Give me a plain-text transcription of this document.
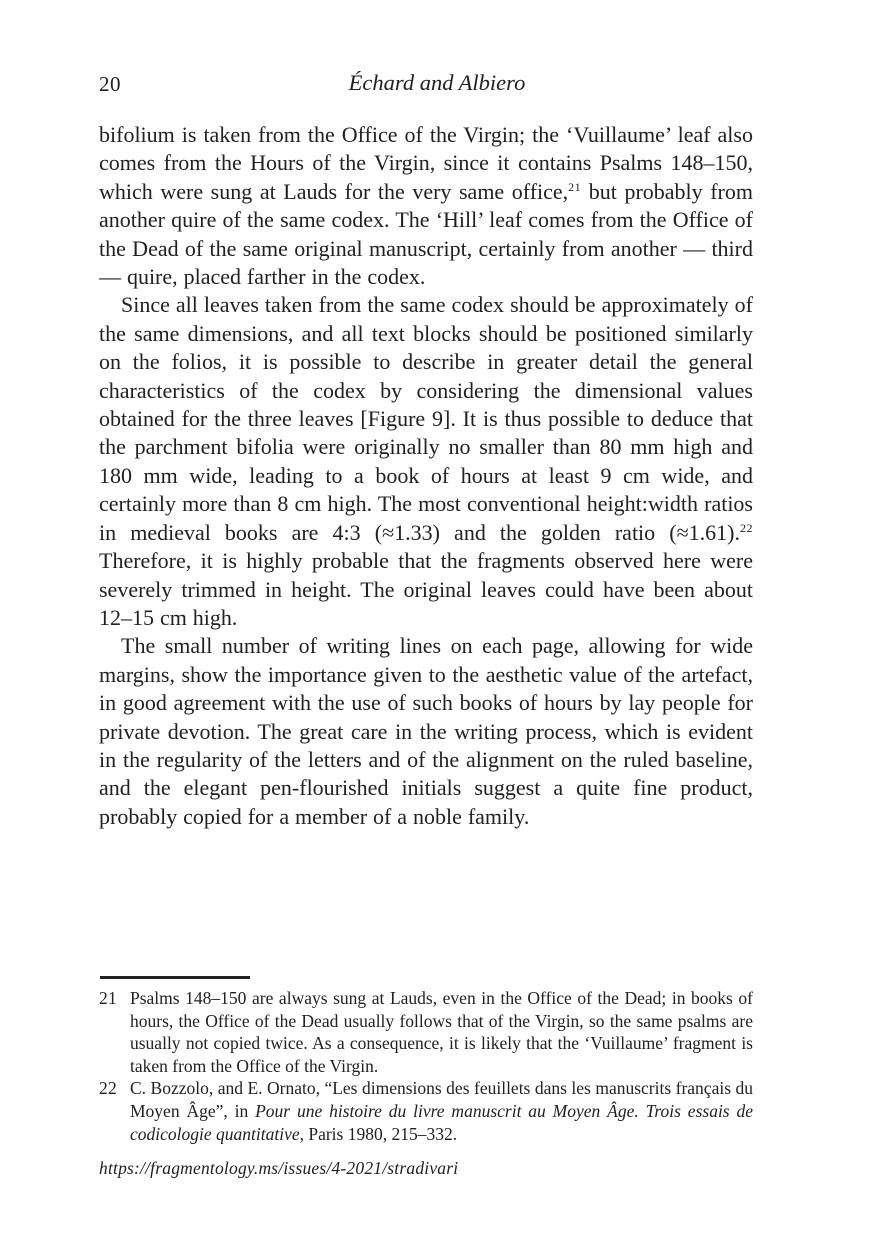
20	Échard and Albiero

bifolium is taken from the Office of the Virgin; the ‘Vuillaume’ leaf also comes from the Hours of the Virgin, since it contains Psalms 148–150, which were sung at Lauds for the very same office,$^{21}$ but probably from another quire of the same codex. The ‘Hill’ leaf comes from the Office of the Dead of the same original manuscript, certainly from another — third — quire, placed farther in the codex.

Since all leaves taken from the same codex should be approximately of the same dimensions, and all text blocks should be positioned similarly on the folios, it is possible to describe in greater detail the general characteristics of the codex by considering the dimensional values obtained for the three leaves [Figure 9]. It is thus possible to deduce that the parchment bifolia were originally no smaller than 80 mm high and 180 mm wide, leading to a book of hours at least 9 cm wide, and certainly more than 8 cm high. The most conventional height:width ratios in medieval books are 4:3 (≈1.33) and the golden ratio (≈1.61).$^{22}$ Therefore, it is highly probable that the fragments observed here were severely trimmed in height. The original leaves could have been about 12–15 cm high.

The small number of writing lines on each page, allowing for wide margins, show the importance given to the aesthetic value of the artefact, in good agreement with the use of such books of hours by lay people for private devotion. The great care in the writing process, which is evident in the regularity of the letters and of the alignment on the ruled baseline, and the elegant pen-flourished initials suggest a quite fine product, probably copied for a member of a noble family.

21 Psalms 148–150 are always sung at Lauds, even in the Office of the Dead; in books of hours, the Office of the Dead usually follows that of the Virgin, so the same psalms are usually not copied twice. As a consequence, it is likely that the ‘Vuillaume’ fragment is taken from the Office of the Virgin.
22 C. Bozzolo, and E. Ornato, “Les dimensions des feuillets dans les manuscrits français du Moyen Âge”, in Pour une histoire du livre manuscrit au Moyen Âge. Trois essais de codicologie quantitative, Paris 1980, 215–332.
https://fragmentology.ms/issues/4-2021/stradivari
